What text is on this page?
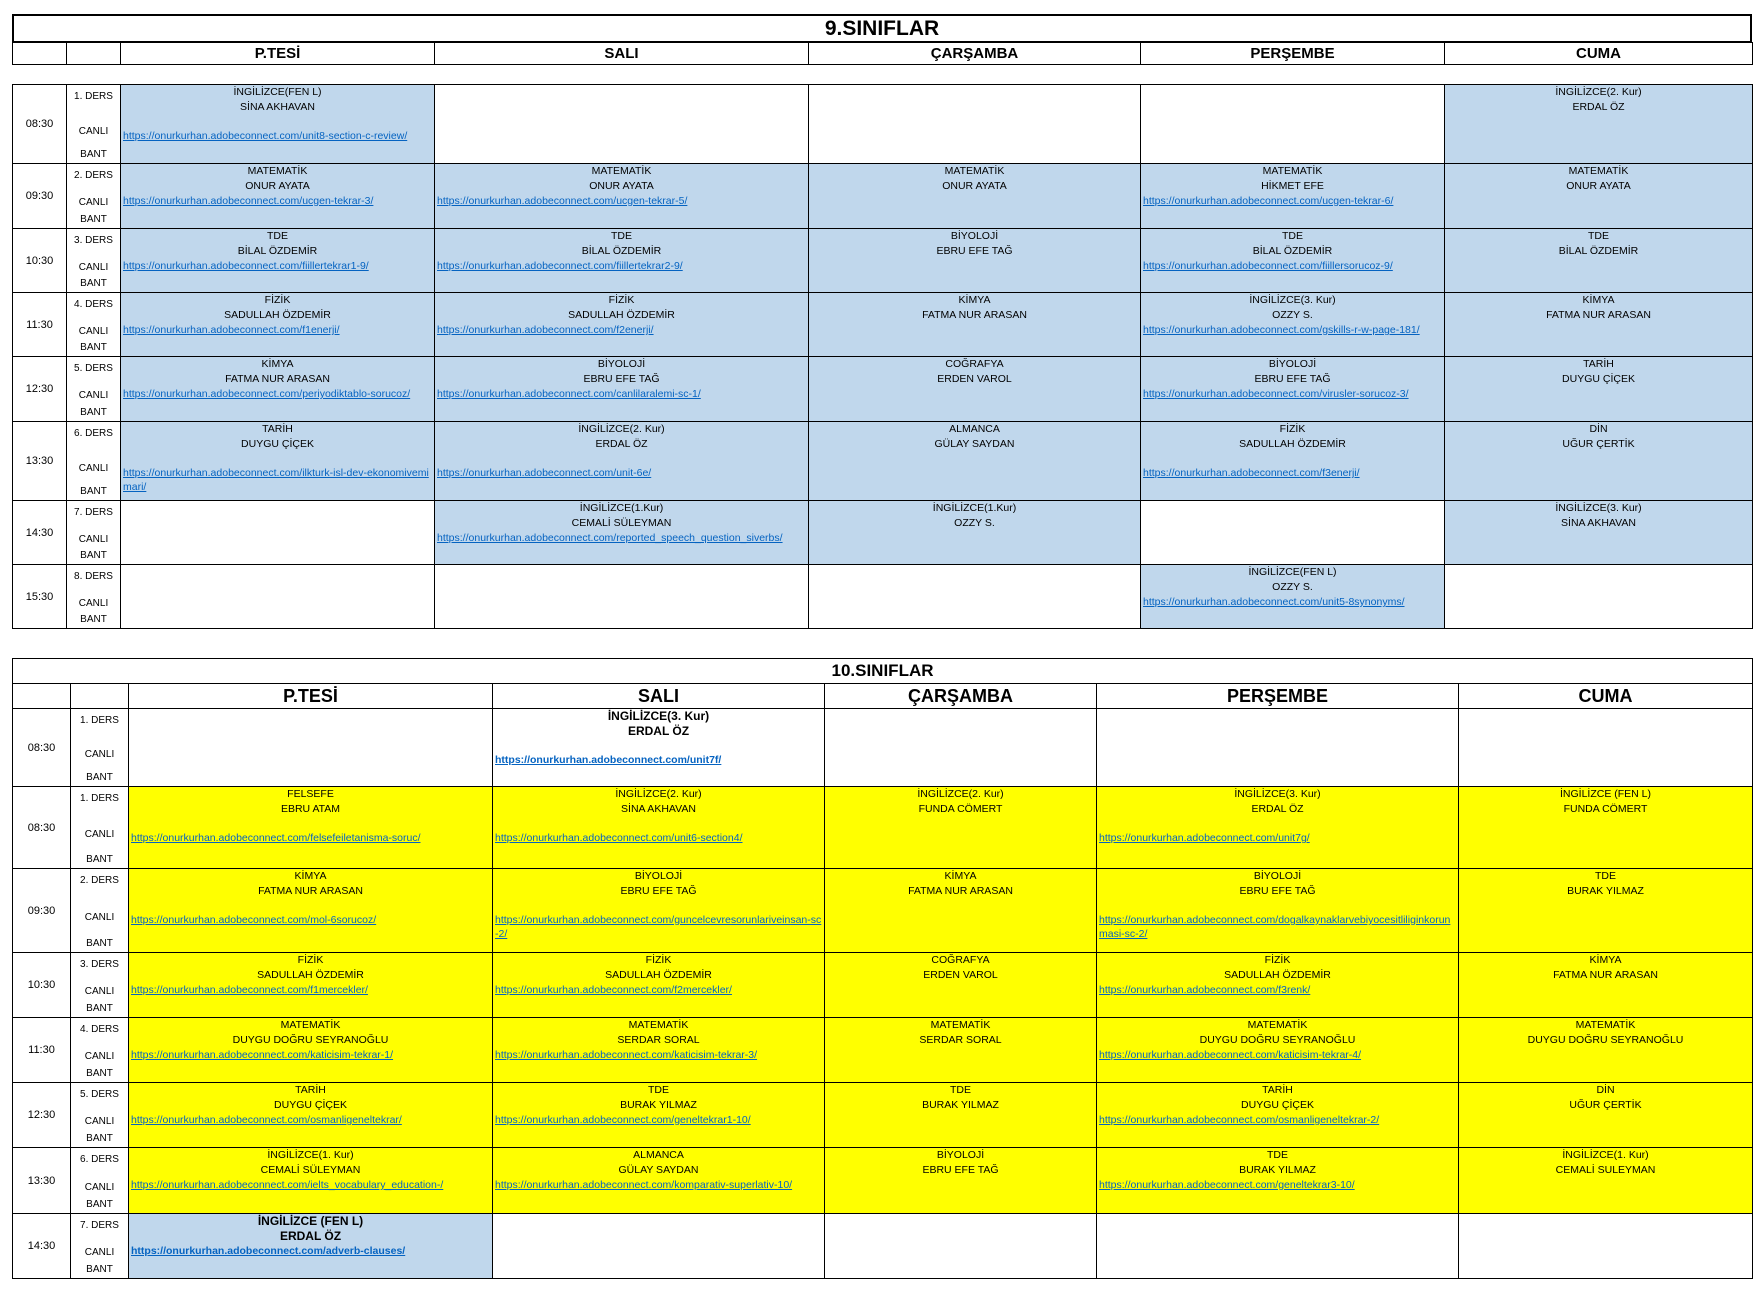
9.SINIFLAR
		P.TESİ	SALI	ÇARŞAMBA	PERŞEMBE	CUMA
08:30	1. DERS
CANLI
BANT	İNGİLİZCE(FEN L)
SİNA AKHAVAN
https://onurkurhan.adobeconnect.com/unit8-section-c-review/				İNGİLİZCE(2. Kur)
ERDAL ÖZ

09:30	2. DERS
CANLI
BANT	MATEMATİK
ONUR AYATA
https://onurkurhan.adobeconnect.com/ucgen-tekrar-3/	MATEMATİK
ONUR AYATA
https://onurkurhan.adobeconnect.com/ucgen-tekrar-5/	MATEMATİK
ONUR AYATA	MATEMATİK
HİKMET EFE
https://onurkurhan.adobeconnect.com/ucgen-tekrar-6/	MATEMATİK
ONUR AYATA

10:30	3. DERS
CANLI
BANT	TDE
BİLAL ÖZDEMİR
https://onurkurhan.adobeconnect.com/fiillertekrar1-9/	TDE
BİLAL ÖZDEMİR
https://onurkurhan.adobeconnect.com/fiillertekrar2-9/	BİYOLOJİ
EBRU EFE TAĞ	TDE
BİLAL ÖZDEMİR
https://onurkurhan.adobeconnect.com/fiillersorucoz-9/	TDE
BİLAL ÖZDEMİR

11:30	4. DERS
CANLI
BANT	FİZİK
SADULLAH ÖZDEMİR
https://onurkurhan.adobeconnect.com/f1enerji/	FİZİK
SADULLAH ÖZDEMİR
https://onurkurhan.adobeconnect.com/f2enerji/	KİMYA
FATMA NUR ARASAN	İNGİLİZCE(3. Kur)
OZZY S.
https://onurkurhan.adobeconnect.com/gskills-r-w-page-181/	KİMYA
FATMA NUR ARASAN

12:30	5. DERS
CANLI
BANT	KİMYA
FATMA NUR ARASAN
https://onurkurhan.adobeconnect.com/periyodiktablo-sorucoz/	BİYOLOJİ
EBRU EFE TAĞ
https://onurkurhan.adobeconnect.com/canlilaralemi-sc-1/	COĞRAFYA
ERDEN VAROL	BİYOLOJİ
EBRU EFE TAĞ
https://onurkurhan.adobeconnect.com/virusler-sorucoz-3/	TARİH
DUYGU ÇİÇEK

13:30	6. DERS
CANLI
BANT	TARİH
DUYGU ÇİÇEK
https://onurkurhan.adobeconnect.com/ilkturk-isl-dev-ekonomivemimari/	İNGİLİZCE(2. Kur)
ERDAL ÖZ
https://onurkurhan.adobeconnect.com/unit-6e/	ALMANCA
GÜLAY SAYDAN	FİZİK
SADULLAH ÖZDEMİR
https://onurkurhan.adobeconnect.com/f3enerji/	DİN
UĞUR ÇERTİK

14:30	7. DERS
CANLI
BANT		İNGİLİZCE(1.Kur)
CEMALİ SÜLEYMAN
https://onurkurhan.adobeconnect.com/reported_speech_question_siverbs/	İNGİLİZCE(1.Kur)
OZZY S.		İNGİLİZCE(3. Kur)
SİNA AKHAVAN

15:30	8. DERS
CANLI
BANT				İNGİLİZCE(FEN L)
OZZY S.
https://onurkurhan.adobeconnect.com/unit5-8synonyms/	

10.SINIFLAR						
		P.TESİ	SALI	ÇARŞAMBA	PERŞEMBE	CUMA
08:30	1. DERS
CANLI
BANT		İNGİLİZCE(3. Kur)
ERDAL ÖZ
https://onurkurhan.adobeconnect.com/unit7f/			

08:30	1. DERS
CANLI
BANT	FELSEFE
EBRU ATAM
https://onurkurhan.adobeconnect.com/felsefeiletanisma-soruc/	İNGİLİZCE(2. Kur)
SİNA AKHAVAN
https://onurkurhan.adobeconnect.com/unit6-section4/	İNGİLİZCE(2. Kur)
FUNDA CÖMERT	İNGİLİZCE(3. Kur)
ERDAL ÖZ
https://onurkurhan.adobeconnect.com/unit7g/	İNGİLİZCE (FEN L)
FUNDA CÖMERT

09:30	2. DERS
CANLI
BANT	KİMYA
FATMA NUR ARASAN
https://onurkurhan.adobeconnect.com/mol-6sorucoz/	BİYOLOJİ
EBRU EFE TAĞ
https://onurkurhan.adobeconnect.com/guncelcevresorunlariveinsan-sc-2/	KİMYA
FATMA NUR ARASAN	BİYOLOJİ
EBRU EFE TAĞ
https://onurkurhan.adobeconnect.com/dogalkaynaklarvebiyocesitliliginkorunmasi-sc-2/	TDE
BURAK YILMAZ

10:30	3. DERS
CANLI
BANT	FİZİK
SADULLAH ÖZDEMİR
https://onurkurhan.adobeconnect.com/f1mercekler/	FİZİK
SADULLAH ÖZDEMİR
https://onurkurhan.adobeconnect.com/f2mercekler/	COĞRAFYA
ERDEN VAROL	FİZİK
SADULLAH ÖZDEMİR
https://onurkurhan.adobeconnect.com/f3renk/	KİMYA
FATMA NUR ARASAN

11:30	4. DERS
CANLI
BANT	MATEMATİK
DUYGU DOĞRU SEYRANOĞLU
https://onurkurhan.adobeconnect.com/katicisim-tekrar-1/	MATEMATİK
SERDAR SORAL
https://onurkurhan.adobeconnect.com/katicisim-tekrar-3/	MATEMATİK
SERDAR SORAL	MATEMATİK
DUYGU DOĞRU SEYRANOĞLU
https://onurkurhan.adobeconnect.com/katicisim-tekrar-4/	MATEMATİK
DUYGU DOĞRU SEYRANOĞLU

12:30	5. DERS
CANLI
BANT	TARİH
DUYGU ÇİÇEK
https://onurkurhan.adobeconnect.com/osmanligeneltekrar/	TDE
BURAK YILMAZ
https://onurkurhan.adobeconnect.com/geneltekrar1-10/	TDE
BURAK YILMAZ	TARİH
DUYGU ÇİÇEK
https://onurkurhan.adobeconnect.com/osmanligeneltekrar-2/	DİN
UĞUR ÇERTİK

13:30	6. DERS
CANLI
BANT	İNGİLİZCE(1. Kur)
CEMALİ SÜLEYMAN
https://onurkurhan.adobeconnect.com/ielts_vocabulary_education-/	ALMANCA
GÜLAY SAYDAN
https://onurkurhan.adobeconnect.com/komparativ-superlativ-10/	BİYOLOJİ
EBRU EFE TAĞ	TDE
BURAK YILMAZ
https://onurkurhan.adobeconnect.com/geneltekrar3-10/	İNGİLİZCE(1. Kur)
CEMALİ SULEYMAN

14:30	7. DERS
CANLI
BANT	İNGİLİZCE (FEN L)
ERDAL ÖZ
https://onurkurhan.adobeconnect.com/adverb-clauses/				
